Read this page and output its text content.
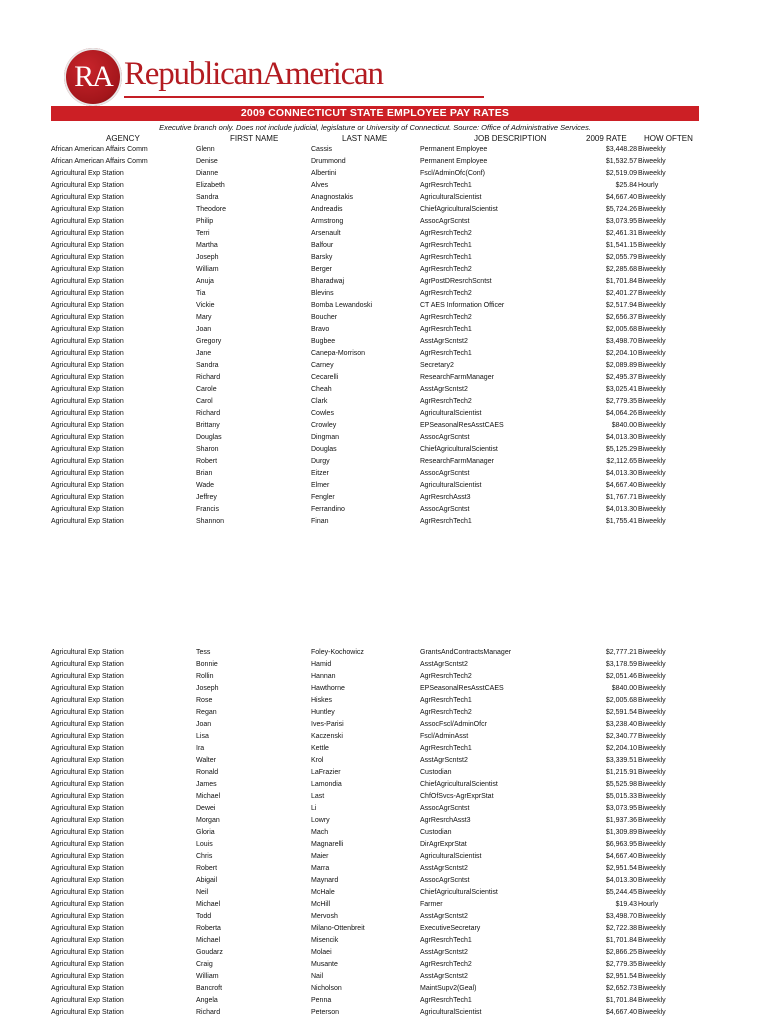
RA RepublicanAmerican
2009 CONNECTICUT STATE EMPLOYEE PAY RATES
Executive branch only. Does not include judicial, legislature or University of Connecticut. Source: Office of Administrative Services.
AGENCY	FIRST NAME	LAST NAME	JOB DESCRIPTION	2009 RATE HOW OFTEN
African American Affairs Comm	Glenn	Cassis	Permanent Employee	$3,448.28 Biweekly
African American Affairs Comm	Denise	Drummond	Permanent Employee	$1,532.57 Biweekly
Agricultural Exp Station	Dianne	Albertini	Fscl/AdminOfc(Conf)	$2,519.09 Biweekly
Agricultural Exp Station	Elizabeth	Alves	AgrResrchTech1	$25.84 Hourly
Agricultural Exp Station	Sandra	Anagnostakis	AgriculturalScientist	$4,667.40 Biweekly
Agricultural Exp Station	Theodore	Andreadis	ChiefAgriculturalScientist	$5,724.26 Biweekly
Agricultural Exp Station	Philip	Armstrong	AssocAgrScntst	$3,073.95 Biweekly
Agricultural Exp Station	Terri	Arsenault	AgrResrchTech2	$2,461.31 Biweekly
Agricultural Exp Station	Martha	Balfour	AgrResrchTech1	$1,541.15 Biweekly
Agricultural Exp Station	Joseph	Barsky	AgrResrchTech1	$2,055.79 Biweekly
Agricultural Exp Station	William	Berger	AgrResrchTech2	$2,285.68 Biweekly
Agricultural Exp Station	Anuja	Bharadwaj	AgrPostDResrchScntst	$1,701.84 Biweekly
Agricultural Exp Station	Tia	Blevins	AgrResrchTech2	$2,401.27 Biweekly
Agricultural Exp Station	Vickie	Bomba Lewandoski	CT AES Information Officer	$2,517.94 Biweekly
Agricultural Exp Station	Mary	Boucher	AgrResrchTech2	$2,656.37 Biweekly
Agricultural Exp Station	Joan	Bravo	AgrResrchTech1	$2,005.68 Biweekly
Agricultural Exp Station	Gregory	Bugbee	AsstAgrScntst2	$3,498.70 Biweekly
Agricultural Exp Station	Jane	Canepa-Morrison	AgrResrchTech1	$2,204.10 Biweekly
Agricultural Exp Station	Sandra	Carney	Secretary2	$2,089.89 Biweekly
Agricultural Exp Station	Richard	Cecarelli	ResearchFarmManager	$2,495.37 Biweekly
Agricultural Exp Station	Carole	Cheah	AsstAgrScntst2	$3,025.41 Biweekly
Agricultural Exp Station	Carol	Clark	AgrResrchTech2	$2,779.35 Biweekly
Agricultural Exp Station	Richard	Cowles	AgriculturalScientist	$4,064.26 Biweekly
Agricultural Exp Station	Brittany	Crowley	EPSeasonalResAsstCAES	$840.00 Biweekly
Agricultural Exp Station	Douglas	Dingman	AssocAgrScntst	$4,013.30 Biweekly
Agricultural Exp Station	Sharon	Douglas	ChiefAgriculturalScientist	$5,125.29 Biweekly
Agricultural Exp Station	Robert	Durgy	ResearchFarmManager	$2,112.65 Biweekly
Agricultural Exp Station	Brian	Eitzer	AssocAgrScntst	$4,013.30 Biweekly
Agricultural Exp Station	Wade	Elmer	AgriculturalScientist	$4,667.40 Biweekly
Agricultural Exp Station	Jeffrey	Fengler	AgrResrchAsst3	$1,767.71 Biweekly
Agricultural Exp Station	Francis	Ferrandino	AssocAgrScntst	$4,013.30 Biweekly
Agricultural Exp Station	Shannon	Finan	AgrResrchTech1	$1,755.41 Biweekly
Agricultural Exp Station	Tess	Foley-Kochowicz	GrantsAndContractsManager	$2,777.21 Biweekly
Agricultural Exp Station	Bonnie	Hamid	AsstAgrScntst2	$3,178.59 Biweekly
Agricultural Exp Station	Rollin	Hannan	AgrResrchTech2	$2,051.46 Biweekly
Agricultural Exp Station	Joseph	Hawthorne	EPSeasonalResAsstCAES	$840.00 Biweekly
Agricultural Exp Station	Rose	Hiskes	AgrResrchTech1	$2,005.68 Biweekly
Agricultural Exp Station	Regan	Huntley	AgrResrchTech2	$2,591.54 Biweekly
Agricultural Exp Station	Joan	Ives-Parisi	AssocFscl/AdminOfcr	$3,238.40 Biweekly
Agricultural Exp Station	Lisa	Kaczenski	Fscl/AdminAsst	$2,340.77 Biweekly
Agricultural Exp Station	Ira	Kettle	AgrResrchTech1	$2,204.10 Biweekly
Agricultural Exp Station	Walter	Krol	AsstAgrScntst2	$3,339.51 Biweekly
Agricultural Exp Station	Ronald	LaFrazier	Custodian	$1,215.91 Biweekly
Agricultural Exp Station	James	Lamondia	ChiefAgriculturalScientist	$5,525.98 Biweekly
Agricultural Exp Station	Michael	Last	ChfOfSvcs-AgrExprStat	$5,015.33 Biweekly
Agricultural Exp Station	Dewei	Li	AssocAgrScntst	$3,073.95 Biweekly
Agricultural Exp Station	Morgan	Lowry	AgrResrchAsst3	$1,937.36 Biweekly
Agricultural Exp Station	Gloria	Mach	Custodian	$1,309.89 Biweekly
Agricultural Exp Station	Louis	Magnarelli	DirAgrExprStat	$6,963.95 Biweekly
Agricultural Exp Station	Chris	Maier	AgriculturalScientist	$4,667.40 Biweekly
Agricultural Exp Station	Robert	Marra	AsstAgrScntst2	$2,951.54 Biweekly
Agricultural Exp Station	Abigail	Maynard	AssocAgrScntst	$4,013.30 Biweekly
Agricultural Exp Station	Neil	McHale	ChiefAgriculturalScientist	$5,244.45 Biweekly
Agricultural Exp Station	Michael	McHill	Farmer	$19.43 Hourly
Agricultural Exp Station	Todd	Mervosh	AsstAgrScntst2	$3,498.70 Biweekly
Agricultural Exp Station	Roberta	Milano-Ottenbreit	ExecutiveSecretary	$2,722.38 Biweekly
Agricultural Exp Station	Michael	Misencik	AgrResrchTech1	$1,701.84 Biweekly
Agricultural Exp Station	Goudarz	Molaei	AsstAgrScntst2	$2,866.25 Biweekly
Agricultural Exp Station	Craig	Musante	AgrResrchTech2	$2,779.35 Biweekly
Agricultural Exp Station	William	Nail	AsstAgrScntst2	$2,951.54 Biweekly
Agricultural Exp Station	Bancroft	Nicholson	MaintSupv2(Geal)	$2,652.73 Biweekly
Agricultural Exp Station	Angela	Penna	AgrResrchTech1	$1,701.84 Biweekly
Agricultural Exp Station	Richard	Peterson	AgriculturalScientist	$4,667.40 Biweekly
